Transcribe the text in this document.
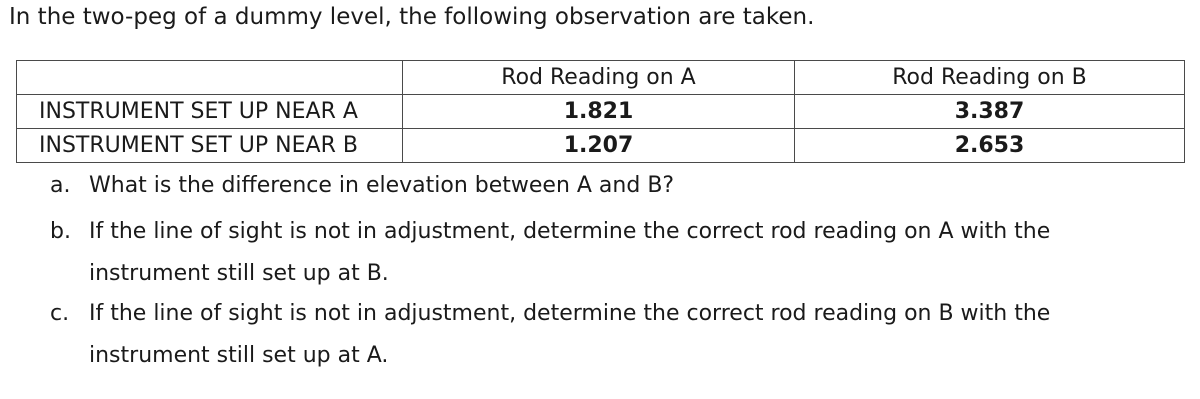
In the two-peg of a dummy level, the following observation are taken.
	Rod Reading on A	Rod Reading on B
INSTRUMENT SET UP NEAR A	1.821	3.387
INSTRUMENT SET UP NEAR B	1.207	2.653
a. What is the difference in elevation between A and B?
b. If the line of sight is not in adjustment, determine the correct rod reading on A with the
instrument still set up at B.
c. If the line of sight is not in adjustment, determine the correct rod reading on B with the
instrument still set up at A.
